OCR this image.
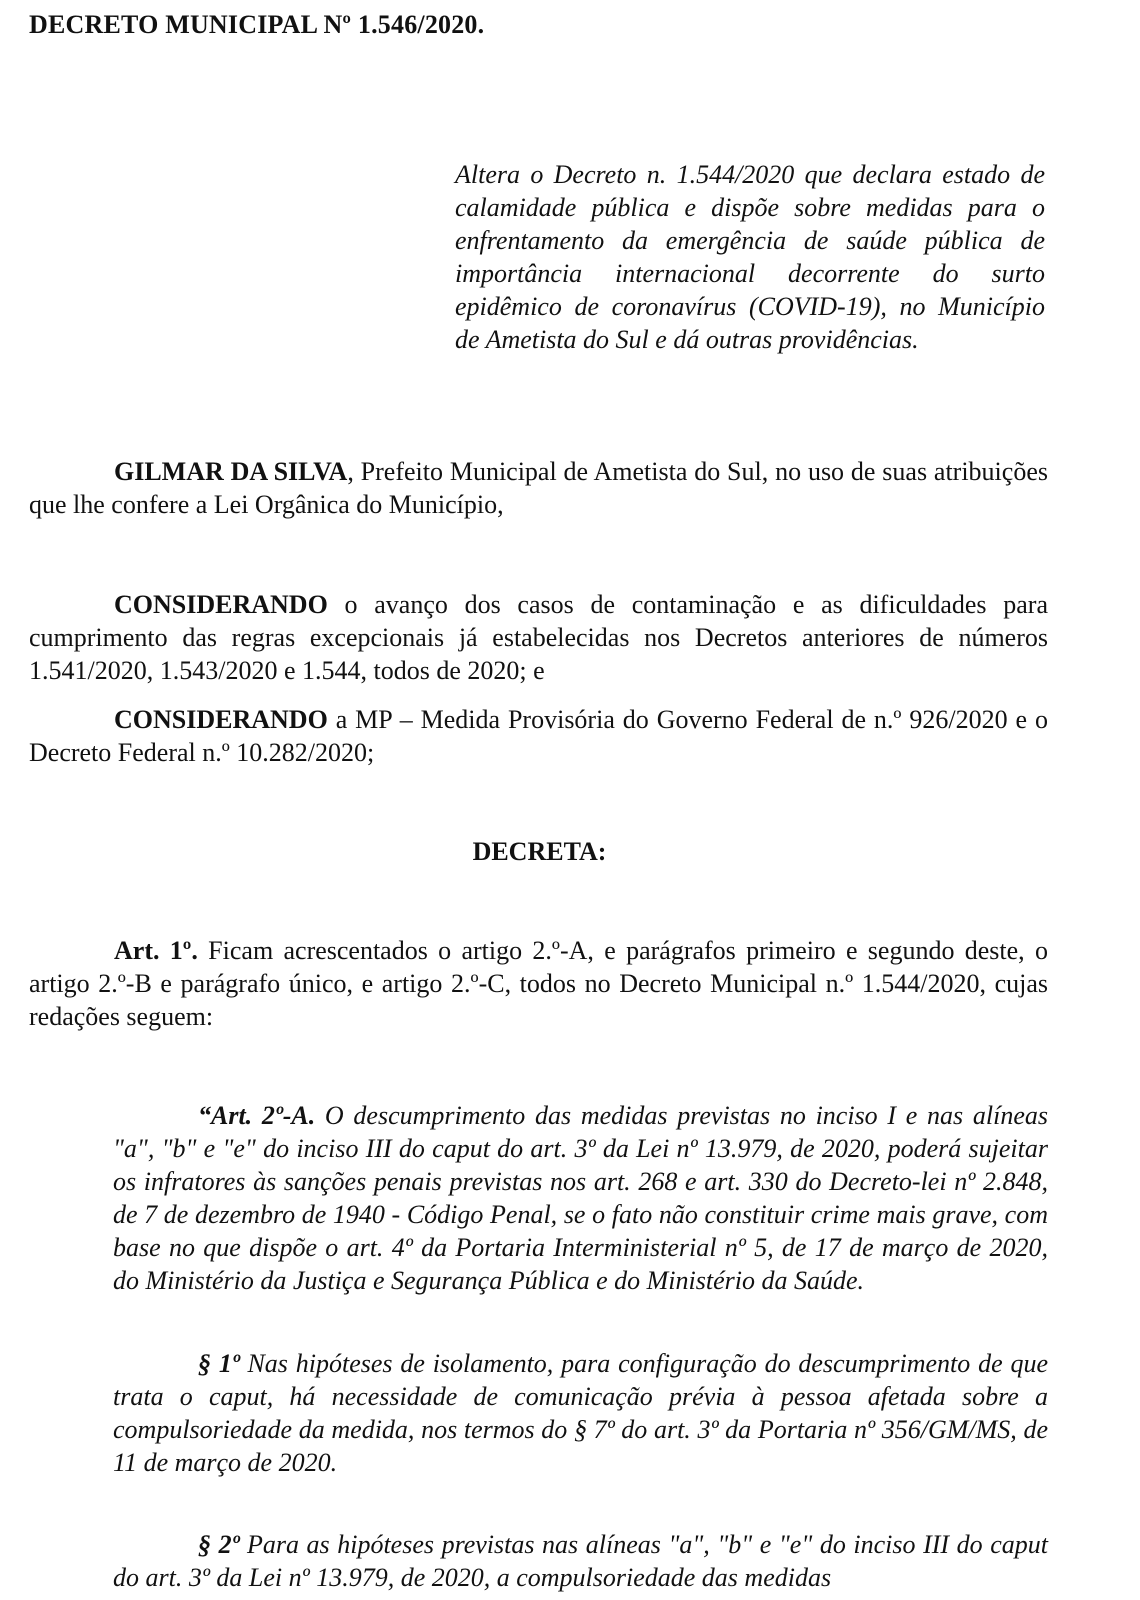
DECRETO MUNICIPAL Nº 1.546/2020.
Altera o Decreto n. 1.544/2020 que declara estado de calamidade pública e dispõe sobre medidas para o enfrentamento da emergência de saúde pública de importância internacional decorrente do surto epidêmico de coronavírus (COVID-19), no Município de Ametista do Sul e dá outras providências.
GILMAR DA SILVA, Prefeito Municipal de Ametista do Sul, no uso de suas atribuições que lhe confere a Lei Orgânica do Município,
CONSIDERANDO o avanço dos casos de contaminação e as dificuldades para cumprimento das regras excepcionais já estabelecidas nos Decretos anteriores de números 1.541/2020, 1.543/2020 e 1.544, todos de 2020; e
CONSIDERANDO a MP – Medida Provisória do Governo Federal de n.º 926/2020 e o Decreto Federal n.º 10.282/2020;
DECRETA:
Art. 1º. Ficam acrescentados o artigo 2.º-A, e parágrafos primeiro e segundo deste, o artigo 2.º-B e parágrafo único, e artigo 2.º-C, todos no Decreto Municipal n.º 1.544/2020, cujas redações seguem:
“Art. 2º-A. O descumprimento das medidas previstas no inciso I e nas alíneas "a", "b" e "e" do inciso III do caput do art. 3º da Lei nº 13.979, de 2020, poderá sujeitar os infratores às sanções penais previstas nos art. 268 e art. 330 do Decreto-lei nº 2.848, de 7 de dezembro de 1940 - Código Penal, se o fato não constituir crime mais grave, com base no que dispõe o art. 4º da Portaria Interministerial nº 5, de 17 de março de 2020, do Ministério da Justiça e Segurança Pública e do Ministério da Saúde.
§ 1º Nas hipóteses de isolamento, para configuração do descumprimento de que trata o caput, há necessidade de comunicação prévia à pessoa afetada sobre a compulsoriedade da medida, nos termos do § 7º do art. 3º da Portaria nº 356/GM/MS, de 11 de março de 2020.
§ 2º Para as hipóteses previstas nas alíneas "a", "b" e "e" do inciso III do caput do art. 3º da Lei nº 13.979, de 2020, a compulsoriedade das medidas
